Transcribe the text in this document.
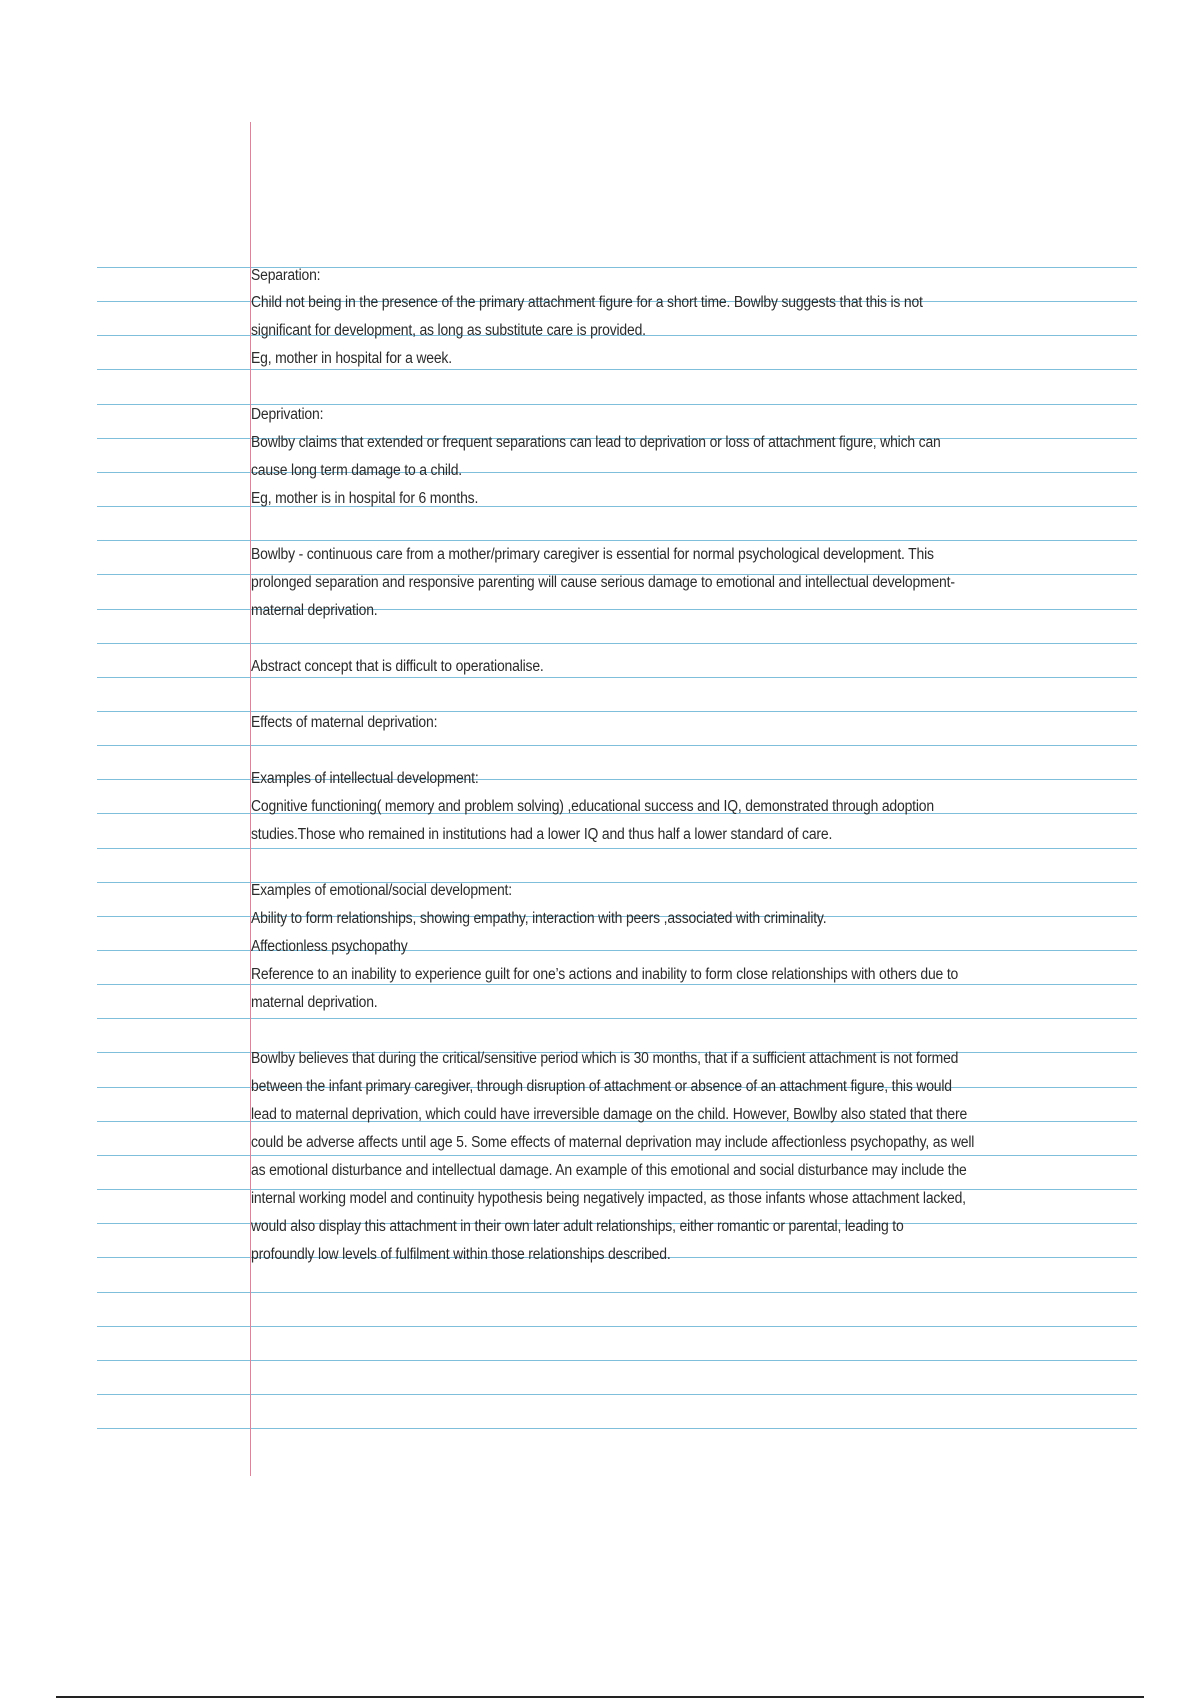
Separation:
Child not being in the presence of the primary attachment figure for a short time. Bowlby suggests that this is not
significant for development, as long as substitute care is provided.
Eg, mother in hospital for a week.
Deprivation:
Bowlby claims that extended or frequent separations can lead to deprivation or loss of attachment figure, which can
cause long term damage to a child.
Eg, mother is in hospital for 6 months.
Bowlby - continuous care from a mother/primary caregiver is essential for normal psychological development. This
prolonged separation and responsive parenting will cause serious damage to emotional and intellectual development-
maternal deprivation.
Abstract concept that is difficult to operationalise.
Effects of maternal deprivation:
Examples of intellectual development:
Cognitive functioning( memory and problem solving) ,educational success and IQ, demonstrated through adoption
studies.Those who remained in institutions had a lower IQ and thus half a lower standard of care.
Examples of emotional/social development:
Ability to form relationships, showing empathy, interaction with peers ,associated with criminality.
Affectionless psychopathy
Reference to an inability to experience guilt for one’s actions and inability to form close relationships with others due to
maternal deprivation.
Bowlby believes that during the critical/sensitive period which is 30 months, that if a sufficient attachment is not formed
between the infant primary caregiver, through disruption of attachment or absence of an attachment figure, this would
lead to maternal deprivation, which could have irreversible damage on the child. However, Bowlby also stated that there
could be adverse affects until age 5. Some effects of maternal deprivation may include affectionless psychopathy, as well
as emotional disturbance and intellectual damage. An example of this emotional and social disturbance may include the
internal working model and continuity hypothesis being negatively impacted, as those infants whose attachment lacked,
would also display this attachment in their own later adult relationships, either romantic or parental, leading to
profoundly low levels of fulfilment within those relationships described.
